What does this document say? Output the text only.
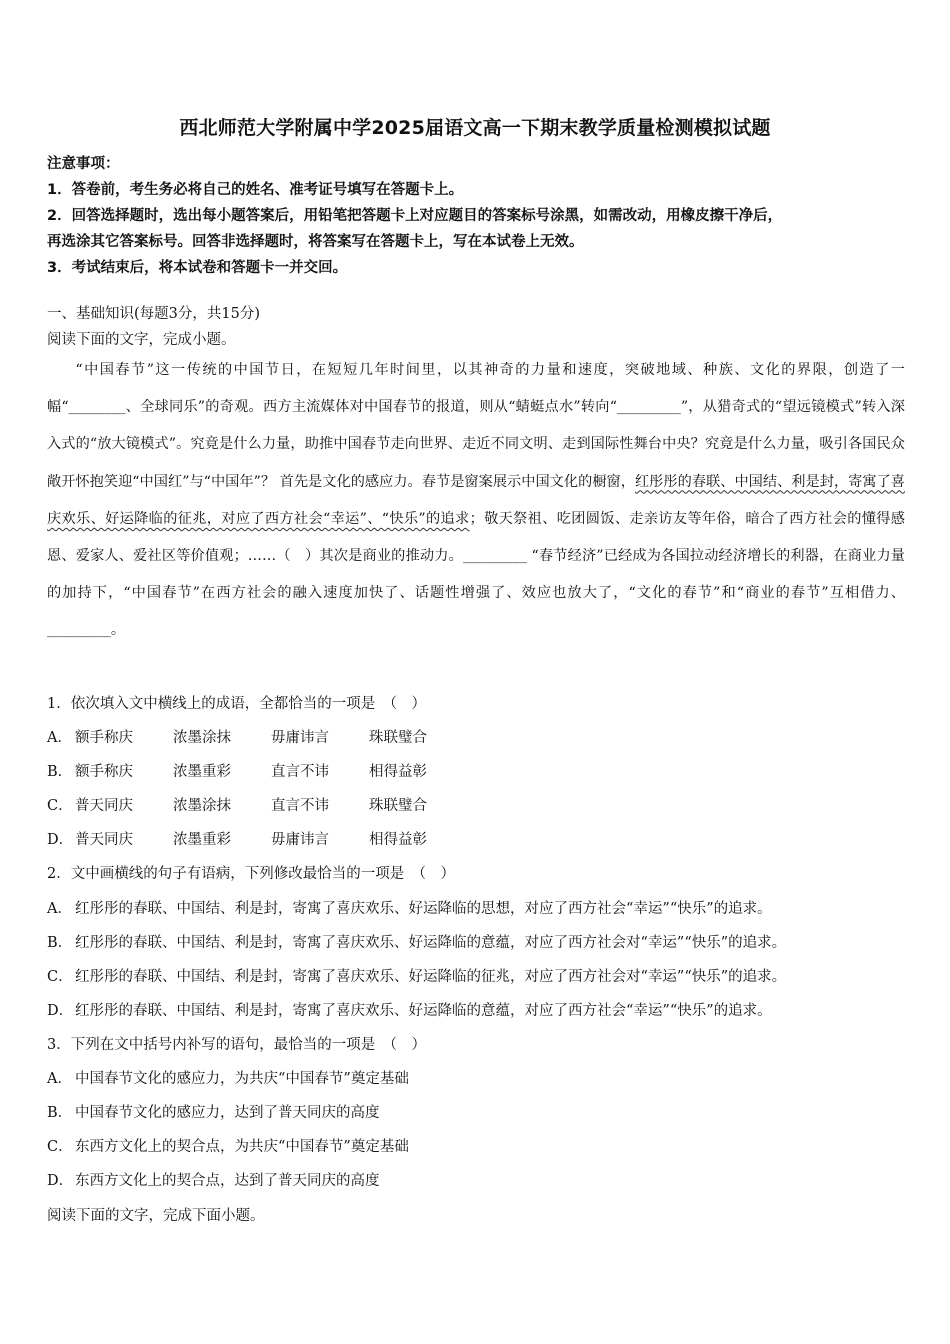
西北师范大学附属中学2025届语文高一下期末教学质量检测模拟试题
注意事项：
1．答卷前，考生务必将自己的姓名、准考证号填写在答题卡上。
2．回答选择题时，选出每小题答案后，用铅笔把答题卡上对应题目的答案标号涂黑，如需改动，用橡皮擦干净后，
再选涂其它答案标号。回答非选择题时，将答案写在答题卡上，写在本试卷上无效。
3．考试结束后，将本试卷和答题卡一并交回。
一、基础知识(每题3分，共15分)
阅读下面的文字，完成小题。
“中国春节”这一传统的中国节日，在短短几年时间里，以其神奇的力量和速度，突破地域、种族、文化的界限，创造了一幅“________、全球同乐”的奇观。西方主流媒体对中国春节的报道，则从“蜻蜓点水”转向“_________”，从猎奇式的“望远镜模式”转入深入式的“放大镜模式”。究竟是什么力量，助推中国春节走向世界、走近不同文明、走到国际性舞台中央？究竟是什么力量，吸引各国民众敞开怀抱笑迎“中国红”与“中国年”？ 首先是文化的感应力。春节是窗案展示中国文化的橱窗，红彤彤的春联、中国结、利是封，寄寓了喜庆欢乐、好运降临的征兆，对应了西方社会“幸运”、“快乐”的追求；敬天祭祖、吃团圆饭、走亲访友等年俗，暗合了西方社会的懂得感恩、爱家人、爱社区等价值观；……（　）其次是商业的推动力。_________ “春节经济”已经成为各国拉动经济增长的利器，在商业力量的加持下，“中国春节”在西方社会的融入速度加快了、话题性增强了、效应也放大了，“文化的春节”和“商业的春节”互相借力、_________。
1．依次填入文中横线上的成语，全都恰当的一项是　（　）
A． 额手称庆	浓墨涂抹	毋庸讳言	珠联璧合
B． 额手称庆	浓墨重彩	直言不讳	相得益彰
C． 普天同庆	浓墨涂抹	直言不讳	珠联璧合
D． 普天同庆	浓墨重彩	毋庸讳言	相得益彰
2．文中画横线的句子有语病，下列修改最恰当的一项是　（　）
A． 红彤彤的春联、中国结、利是封，寄寓了喜庆欢乐、好运降临的思想，对应了西方社会“幸运”“快乐”的追求。
B． 红彤彤的春联、中国结、利是封，寄寓了喜庆欢乐、好运降临的意蕴，对应了西方社会对“幸运”“快乐”的追求。
C． 红彤彤的春联、中国结、利是封，寄寓了喜庆欢乐、好运降临的征兆，对应了西方社会对“幸运”“快乐”的追求。
D． 红彤彤的春联、中国结、利是封，寄寓了喜庆欢乐、好运降临的意蕴，对应了西方社会“幸运”“快乐”的追求。
3．下列在文中括号内补写的语句，最恰当的一项是　（　）
A． 中国春节文化的感应力，为共庆“中国春节”奠定基础
B． 中国春节文化的感应力，达到了普天同庆的高度
C． 东西方文化上的契合点，为共庆“中国春节”奠定基础
D． 东西方文化上的契合点，达到了普天同庆的高度
阅读下面的文字，完成下面小题。
